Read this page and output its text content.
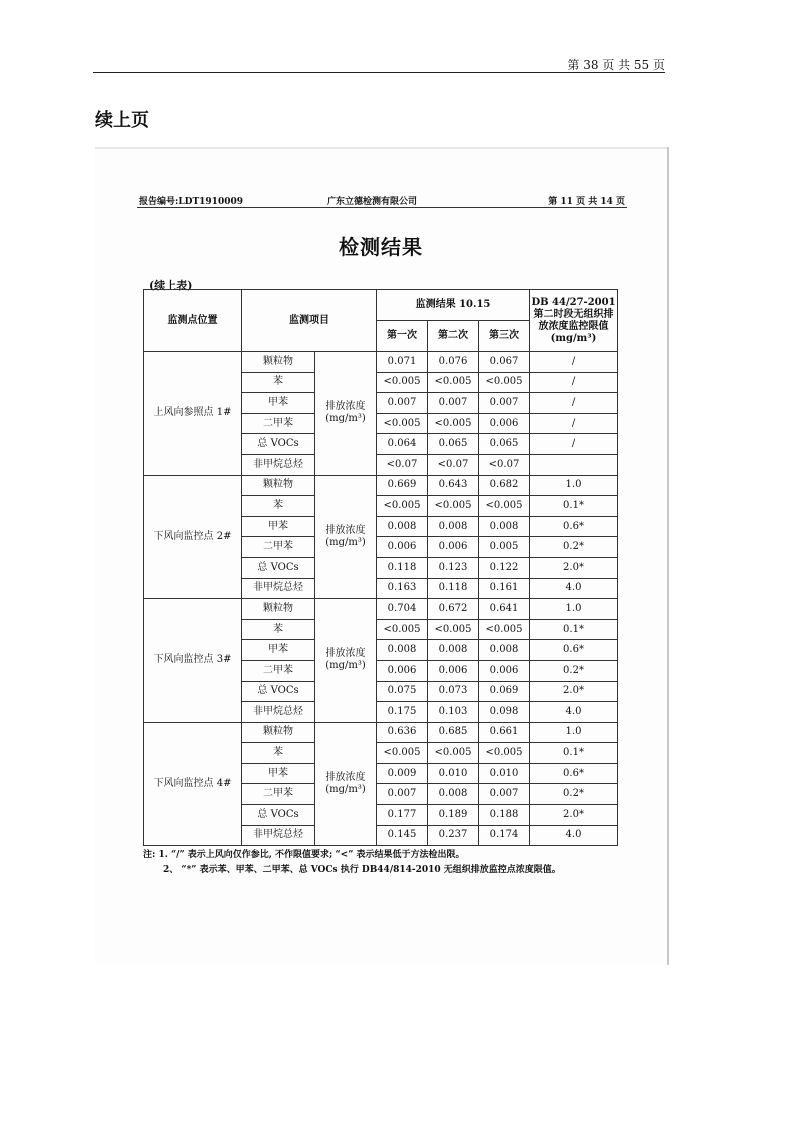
第 38 页 共 55 页
续上页
报告编号:LDT1910009	广东立德检测有限公司	第 11 页 共 14 页
检测结果
(续上表)
监测点位置	监测项目		监测结果 10.15			DB 44/27-2001 第二时段无组织排放浓度监控限值(mg/m³)
			第一次	第二次	第三次	
上风向参照点 1#	颗粒物	排放浓度(mg/m³)	0.071	0.076	0.067	/
	苯		<0.005	<0.005	<0.005	/
	甲苯		0.007	0.007	0.007	/
	二甲苯		<0.005	<0.005	0.006	/
	总 VOCs		0.064	0.065	0.065	/
	非甲烷总烃		<0.07	<0.07	<0.07	
下风向监控点 2#	颗粒物	排放浓度(mg/m³)	0.669	0.643	0.682	1.0
	苯		<0.005	<0.005	<0.005	0.1*
	甲苯		0.008	0.008	0.008	0.6*
	二甲苯		0.006	0.006	0.005	0.2*
	总 VOCs		0.118	0.123	0.122	2.0*
	非甲烷总烃		0.163	0.118	0.161	4.0
下风向监控点 3#	颗粒物	排放浓度(mg/m³)	0.704	0.672	0.641	1.0
	苯		<0.005	<0.005	<0.005	0.1*
	甲苯		0.008	0.008	0.008	0.6*
	二甲苯		0.006	0.006	0.006	0.2*
	总 VOCs		0.075	0.073	0.069	2.0*
	非甲烷总烃		0.175	0.103	0.098	4.0
下风向监控点 4#	颗粒物	排放浓度(mg/m³)	0.636	0.685	0.661	1.0
	苯		<0.005	<0.005	<0.005	0.1*
	甲苯		0.009	0.010	0.010	0.6*
	二甲苯		0.007	0.008	0.007	0.2*
	总 VOCs		0.177	0.189	0.188	2.0*
	非甲烷总烃		0.145	0.237	0.174	4.0
注: 1. “/” 表示上风向仅作参比, 不作限值要求; “<” 表示结果低于方法检出限。
2、 “*” 表示苯、甲苯、二甲苯、总 VOCs 执行 DB44/814-2010 无组织排放监控点浓度限值。
